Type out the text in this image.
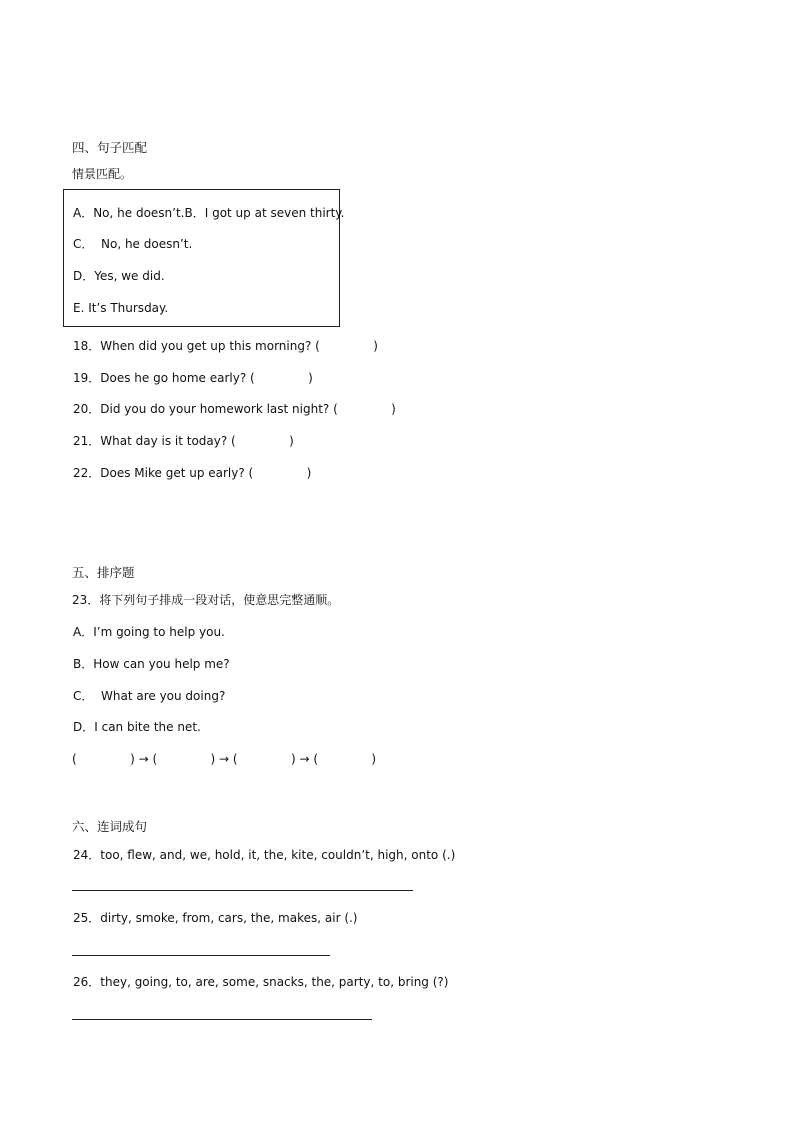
四、句子匹配
情景匹配。
A．No, he doesn’t.B．I got up at seven thirty.
C．  No, he doesn’t.
D．Yes, we did.
E. It’s Thursday.
18．When did you get up this morning? (              )
19．Does he go home early? (              )
20．Did you do your homework last night? (              )
21．What day is it today? (              )
22．Does Mike get up early? (              )
五、排序题
23．将下列句子排成一段对话，使意思完整通顺。
A．I’m going to help you.
B．How can you help me?
C．  What are you doing?
D．I can bite the net.
(              ) → (              ) → (              ) → (              )
六、连词成句
24．too, flew, and, we, hold, it, the, kite, couldn’t, high, onto (.)
25．dirty, smoke, from, cars, the, makes, air (.)
26．they, going, to, are, some, snacks, the, party, to, bring (?)
